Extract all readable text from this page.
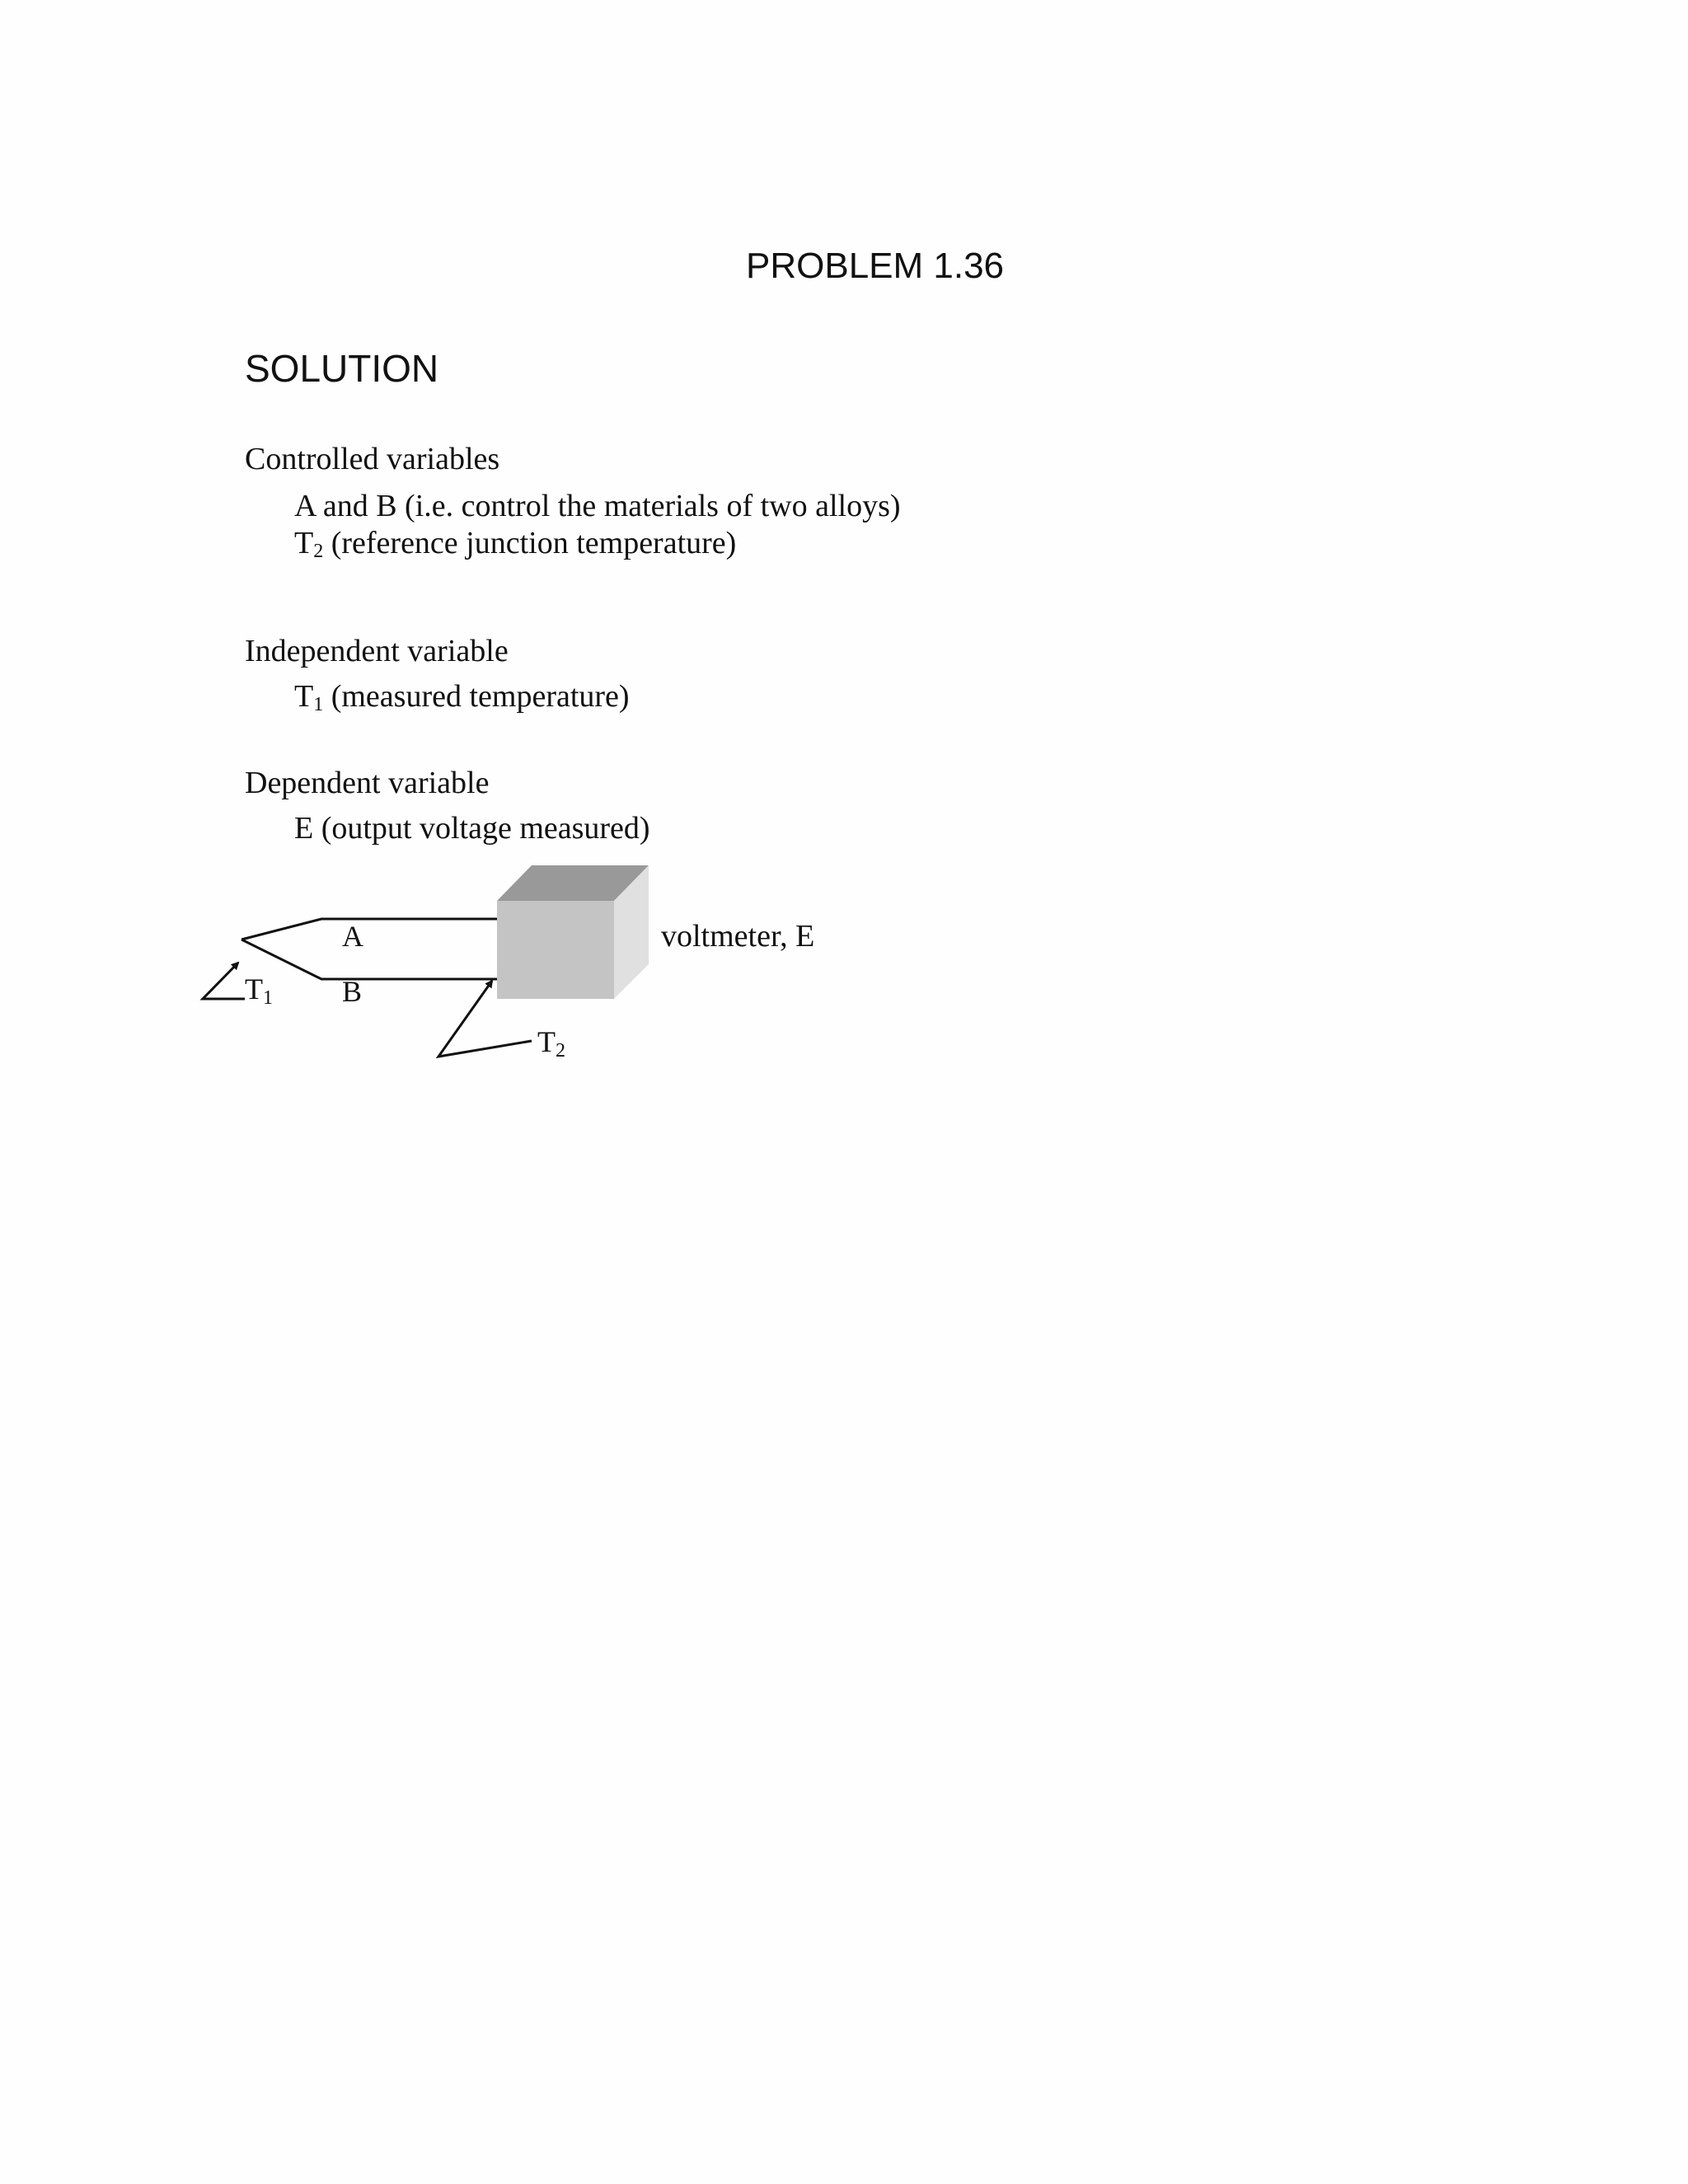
PROBLEM 1.36
SOLUTION
Controlled variables
A and B (i.e. control the materials of two alloys)
$T_2$ (reference junction temperature)
Independent variable
$T_1$ (measured temperature)
Dependent variable
E (output voltage measured)
A
B
T1
T2
voltmeter, E
